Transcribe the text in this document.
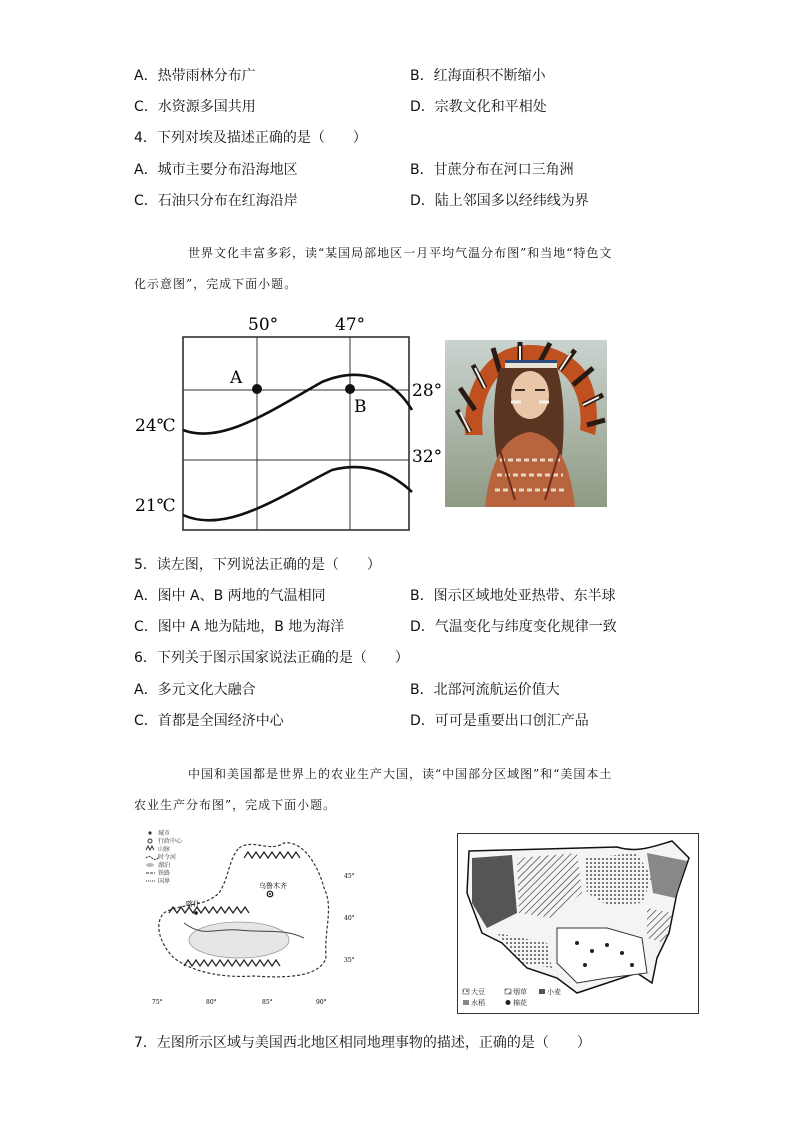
A．热带雨林分布广	B．红海面积不断缩小
C．水资源多国共用	D．宗教文化和平相处
4．下列对埃及描述正确的是（　　）
A．城市主要分布沿海地区	B．甘蔗分布在河口三角洲
C．石油只分布在红海沿岸	D．陆上邻国多以经纬线为界
世界文化丰富多彩，读“某国局部地区一月平均气温分布图”和当地“特色文
化示意图”，完成下面小题。
50°	47°
28°
32°
24℃
21℃
A
B
5．读左图，下列说法正确的是（　　）
A．图中 A、B 两地的气温相同	B．图示区域地处亚热带、东半球
C．图中 A 地为陆地，B 地为海洋	D．气温变化与纬度变化规律一致
6．下列关于图示国家说法正确的是（　　）
A．多元文化大融合	B．北部河流航运价值大
C．首都是全国经济中心	D．可可是重要出口创汇产品
中国和美国都是世界上的农业生产大国，读“中国部分区域图”和“美国本土
农业生产分布图”，完成下面小题。
城市
行政中心
山脉
时令河
湖泊
铁路
国界
乌鲁木齐
喀什
45°
40°
35°
75°	80°	85°	90°
大豆	烟草	小麦
水稻	棉花
7．左图所示区域与美国西北地区相同地理事物的描述，正确的是（　　）
